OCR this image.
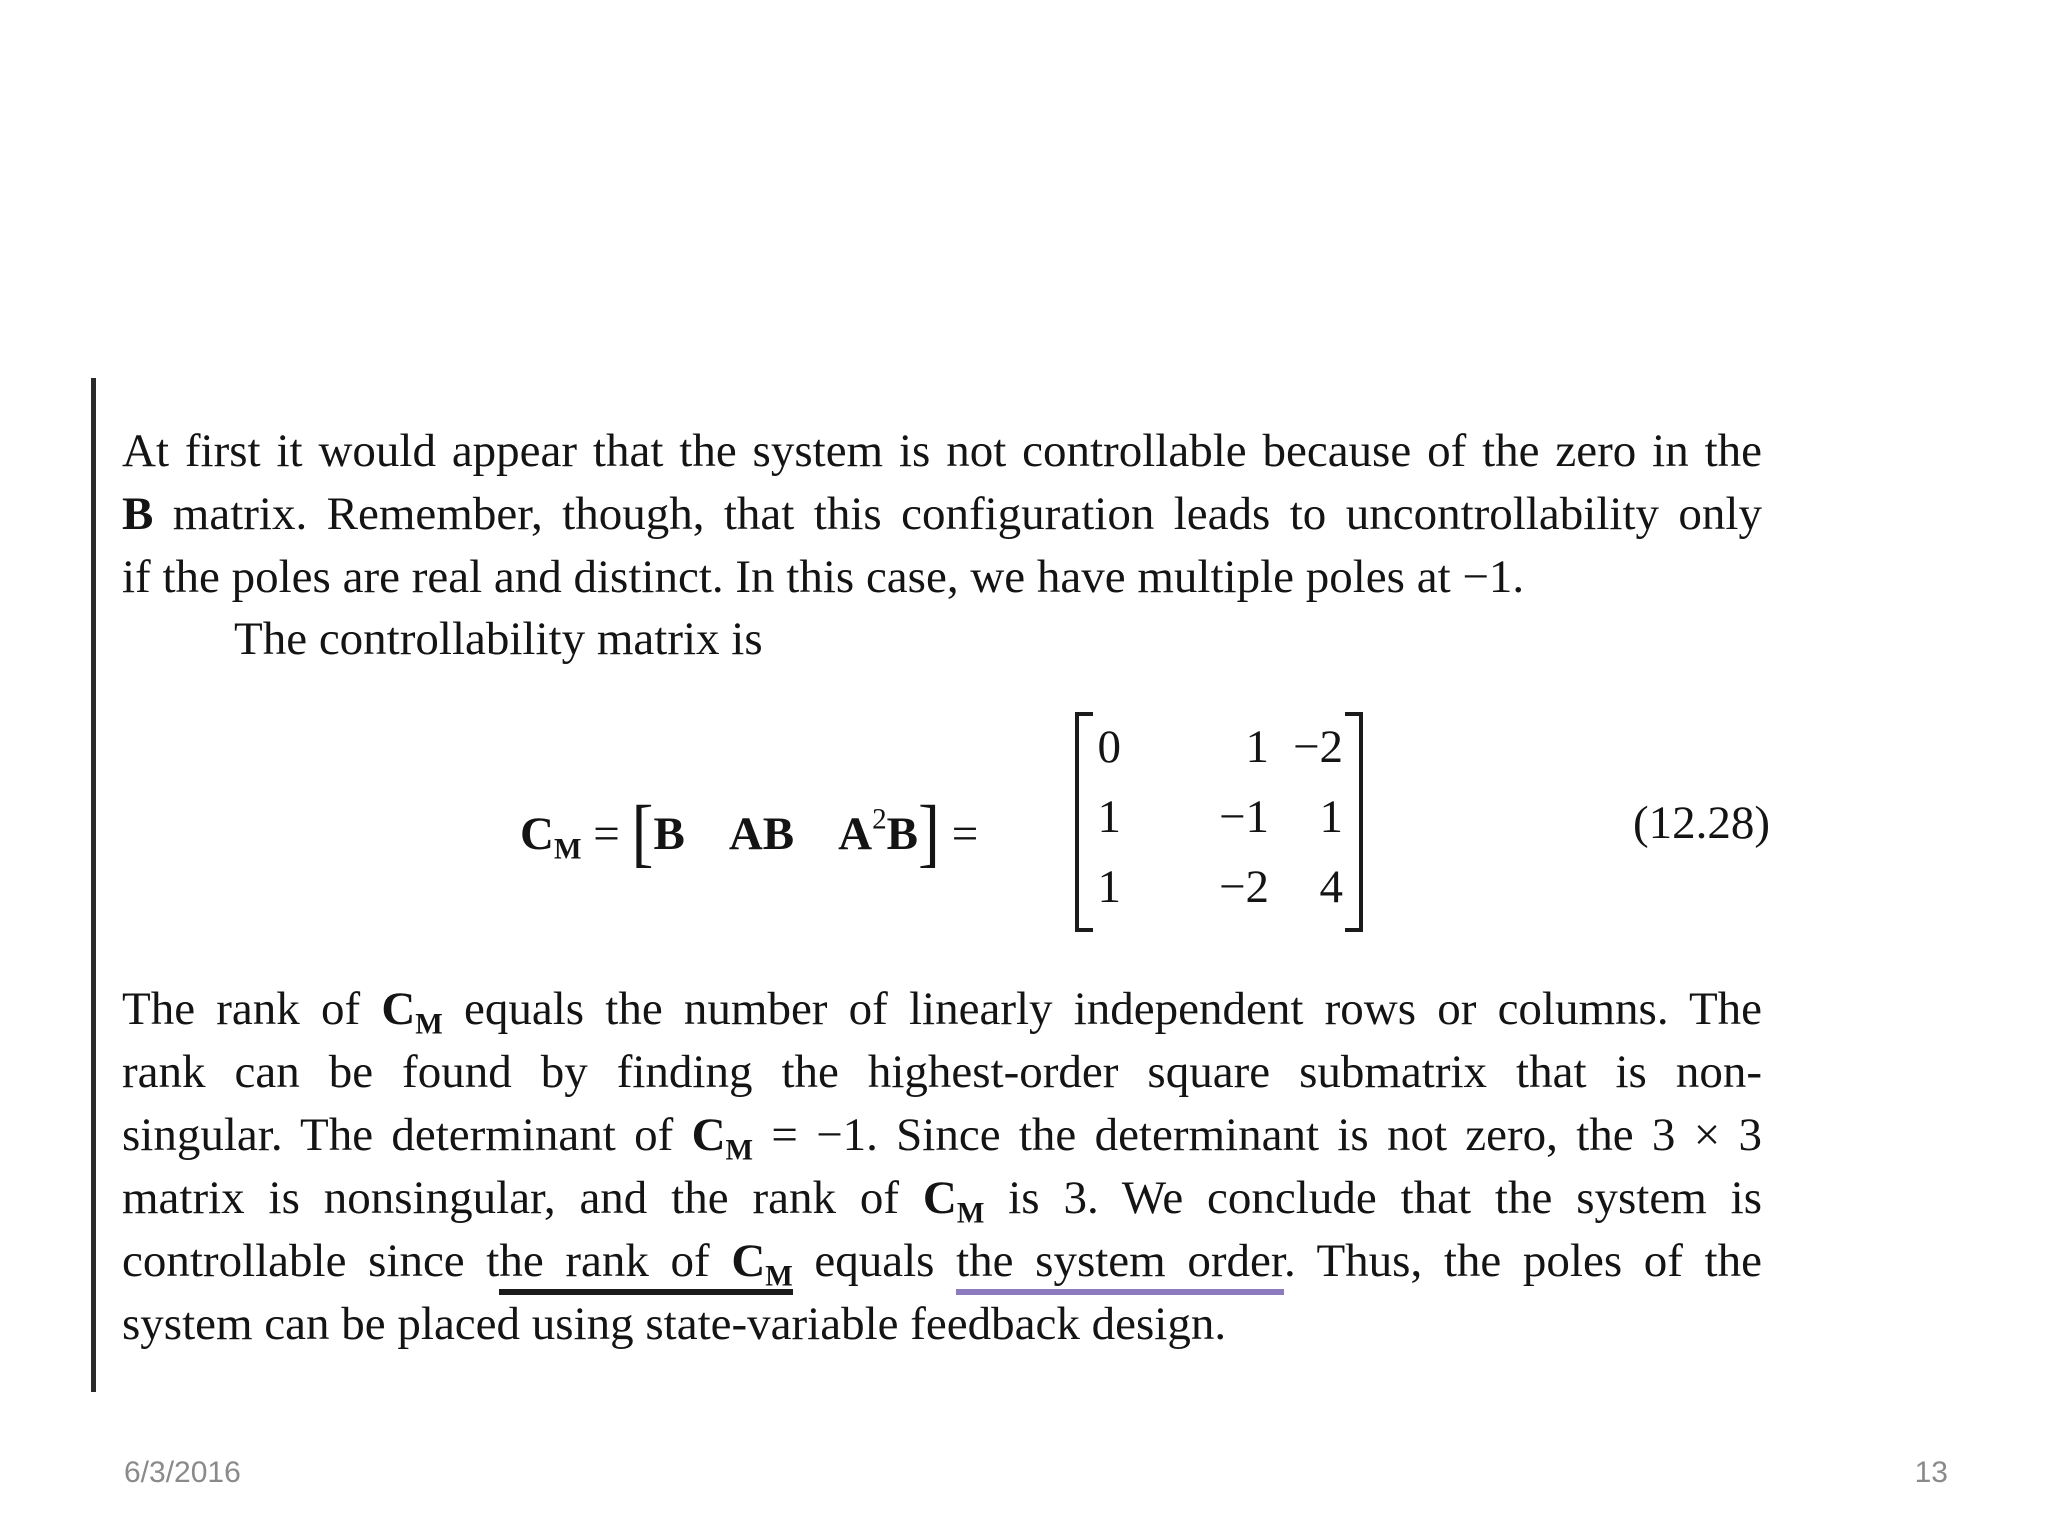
At first it would appear that the system is not controllable because of the zero in the
B matrix. Remember, though, that this configuration leads to uncontrollability only
if the poles are real and distinct. In this case, we have multiple poles at −1.
The controllability matrix is
$C_M = [B$ AB $A^2B$] =
0	1 −2
1	−1	1
1	−2	4
(12.28)
The rank of $C_M$ equals the number of linearly independent rows or columns. The
rank can be found by finding the highest-order square submatrix that is non-
singular. The determinant of $C_M = -1$. Since the determinant is not zero, the 3 × 3
matrix is nonsingular, and the rank of $C_M$ is 3. We conclude that the system is
controllable since the rank of $C_M$ equals the system order. Thus, the poles of the
system can be placed using state-variable feedback design.
6/3/2016	13
